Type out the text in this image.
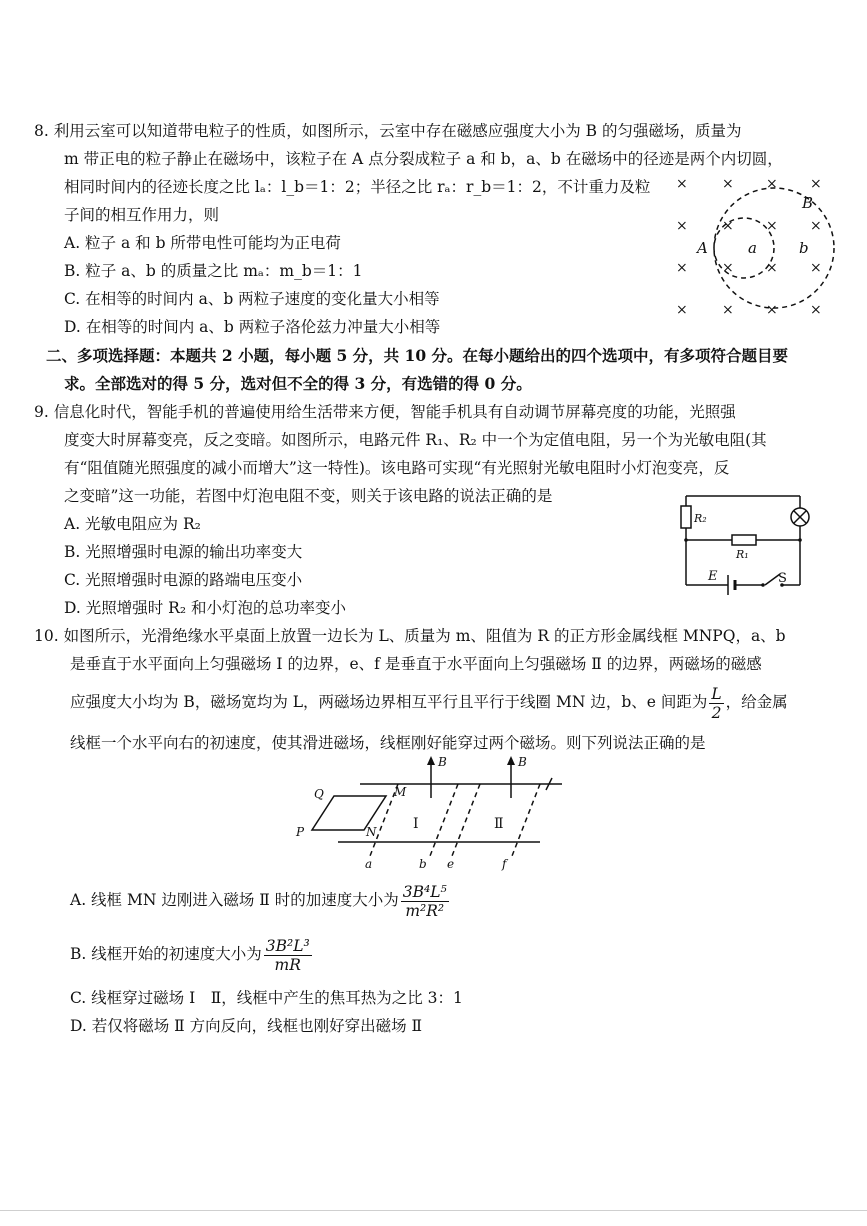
8. 利用云室可以知道带电粒子的性质，如图所示，云室中存在磁感应强度大小为 B 的匀强磁场，质量为
m 带正电的粒子静止在磁场中，该粒子在 A 点分裂成粒子 a 和 b，a、b 在磁场中的径迹是两个内切圆，
相同时间内的径迹长度之比 lₐ：l_b＝1：2；半径之比 rₐ：r_b＝1：2，不计重力及粒
子间的相互作用力，则
A. 粒子 a 和 b 所带电性可能均为正电荷
B. 粒子 a、b 的质量之比 mₐ：m_b＝1：1
C. 在相等的时间内 a、b 两粒子速度的变化量大小相等
D. 在相等的时间内 a、b 两粒子洛伦兹力冲量大小相等
× × × ×
× × × ×
× × × ×
× × × ×
B
A	a	b
二、多项选择题：本题共 2 小题，每小题 5 分，共 10 分。在每小题给出的四个选项中，有多项符合题目要
求。全部选对的得 5 分，选对但不全的得 3 分，有选错的得 0 分。
9. 信息化时代，智能手机的普遍使用给生活带来方便，智能手机具有自动调节屏幕亮度的功能，光照强
度变大时屏幕变亮，反之变暗。如图所示，电路元件 R₁、R₂ 中一个为定值电阻，另一个为光敏电阻(其
有“阻值随光照强度的减小而增大”这一特性)。该电路可实现“有光照射光敏电阻时小灯泡变亮，反
之变暗”这一功能，若图中灯泡电阻不变，则关于该电路的说法正确的是
A. 光敏电阻应为 R₂
B. 光照增强时电源的输出功率变大
C. 光照增强时电源的路端电压变小
D. 光照增强时 R₂ 和小灯泡的总功率变小
R₂
R₁
E	S
10. 如图所示，光滑绝缘水平桌面上放置一边长为 L、质量为 m、阻值为 R 的正方形金属线框 MNPQ，a、b
是垂直于水平面向上匀强磁场 Ⅰ 的边界，e、f 是垂直于水平面向上匀强磁场 Ⅱ 的边界，两磁场的磁感
应强度大小均为 B，磁场宽均为 L，两磁场边界相互平行且平行于线圈 MN 边，b、e 间距为 $\frac{L}{2}$ ，给金属
线框一个水平向右的初速度，使其滑进磁场，线框刚好能穿过两个磁场。则下列说法正确的是
Q	M
P	N
B	B
a	b e	f
Ⅰ	Ⅱ
A. 线框 MN 边刚进入磁场 Ⅱ 时的加速度大小为 $\frac{\text{3B⁴L⁵}}{\text{m²R²}}$
B. 线框开始的初速度大小为 $\frac{\text{3B²L³}}{mR}$
C. 线框穿过磁场 Ⅰ　Ⅱ，线框中产生的焦耳热为之比 3：1
D. 若仅将磁场 Ⅱ 方向反向，线框也刚好穿出磁场 Ⅱ
